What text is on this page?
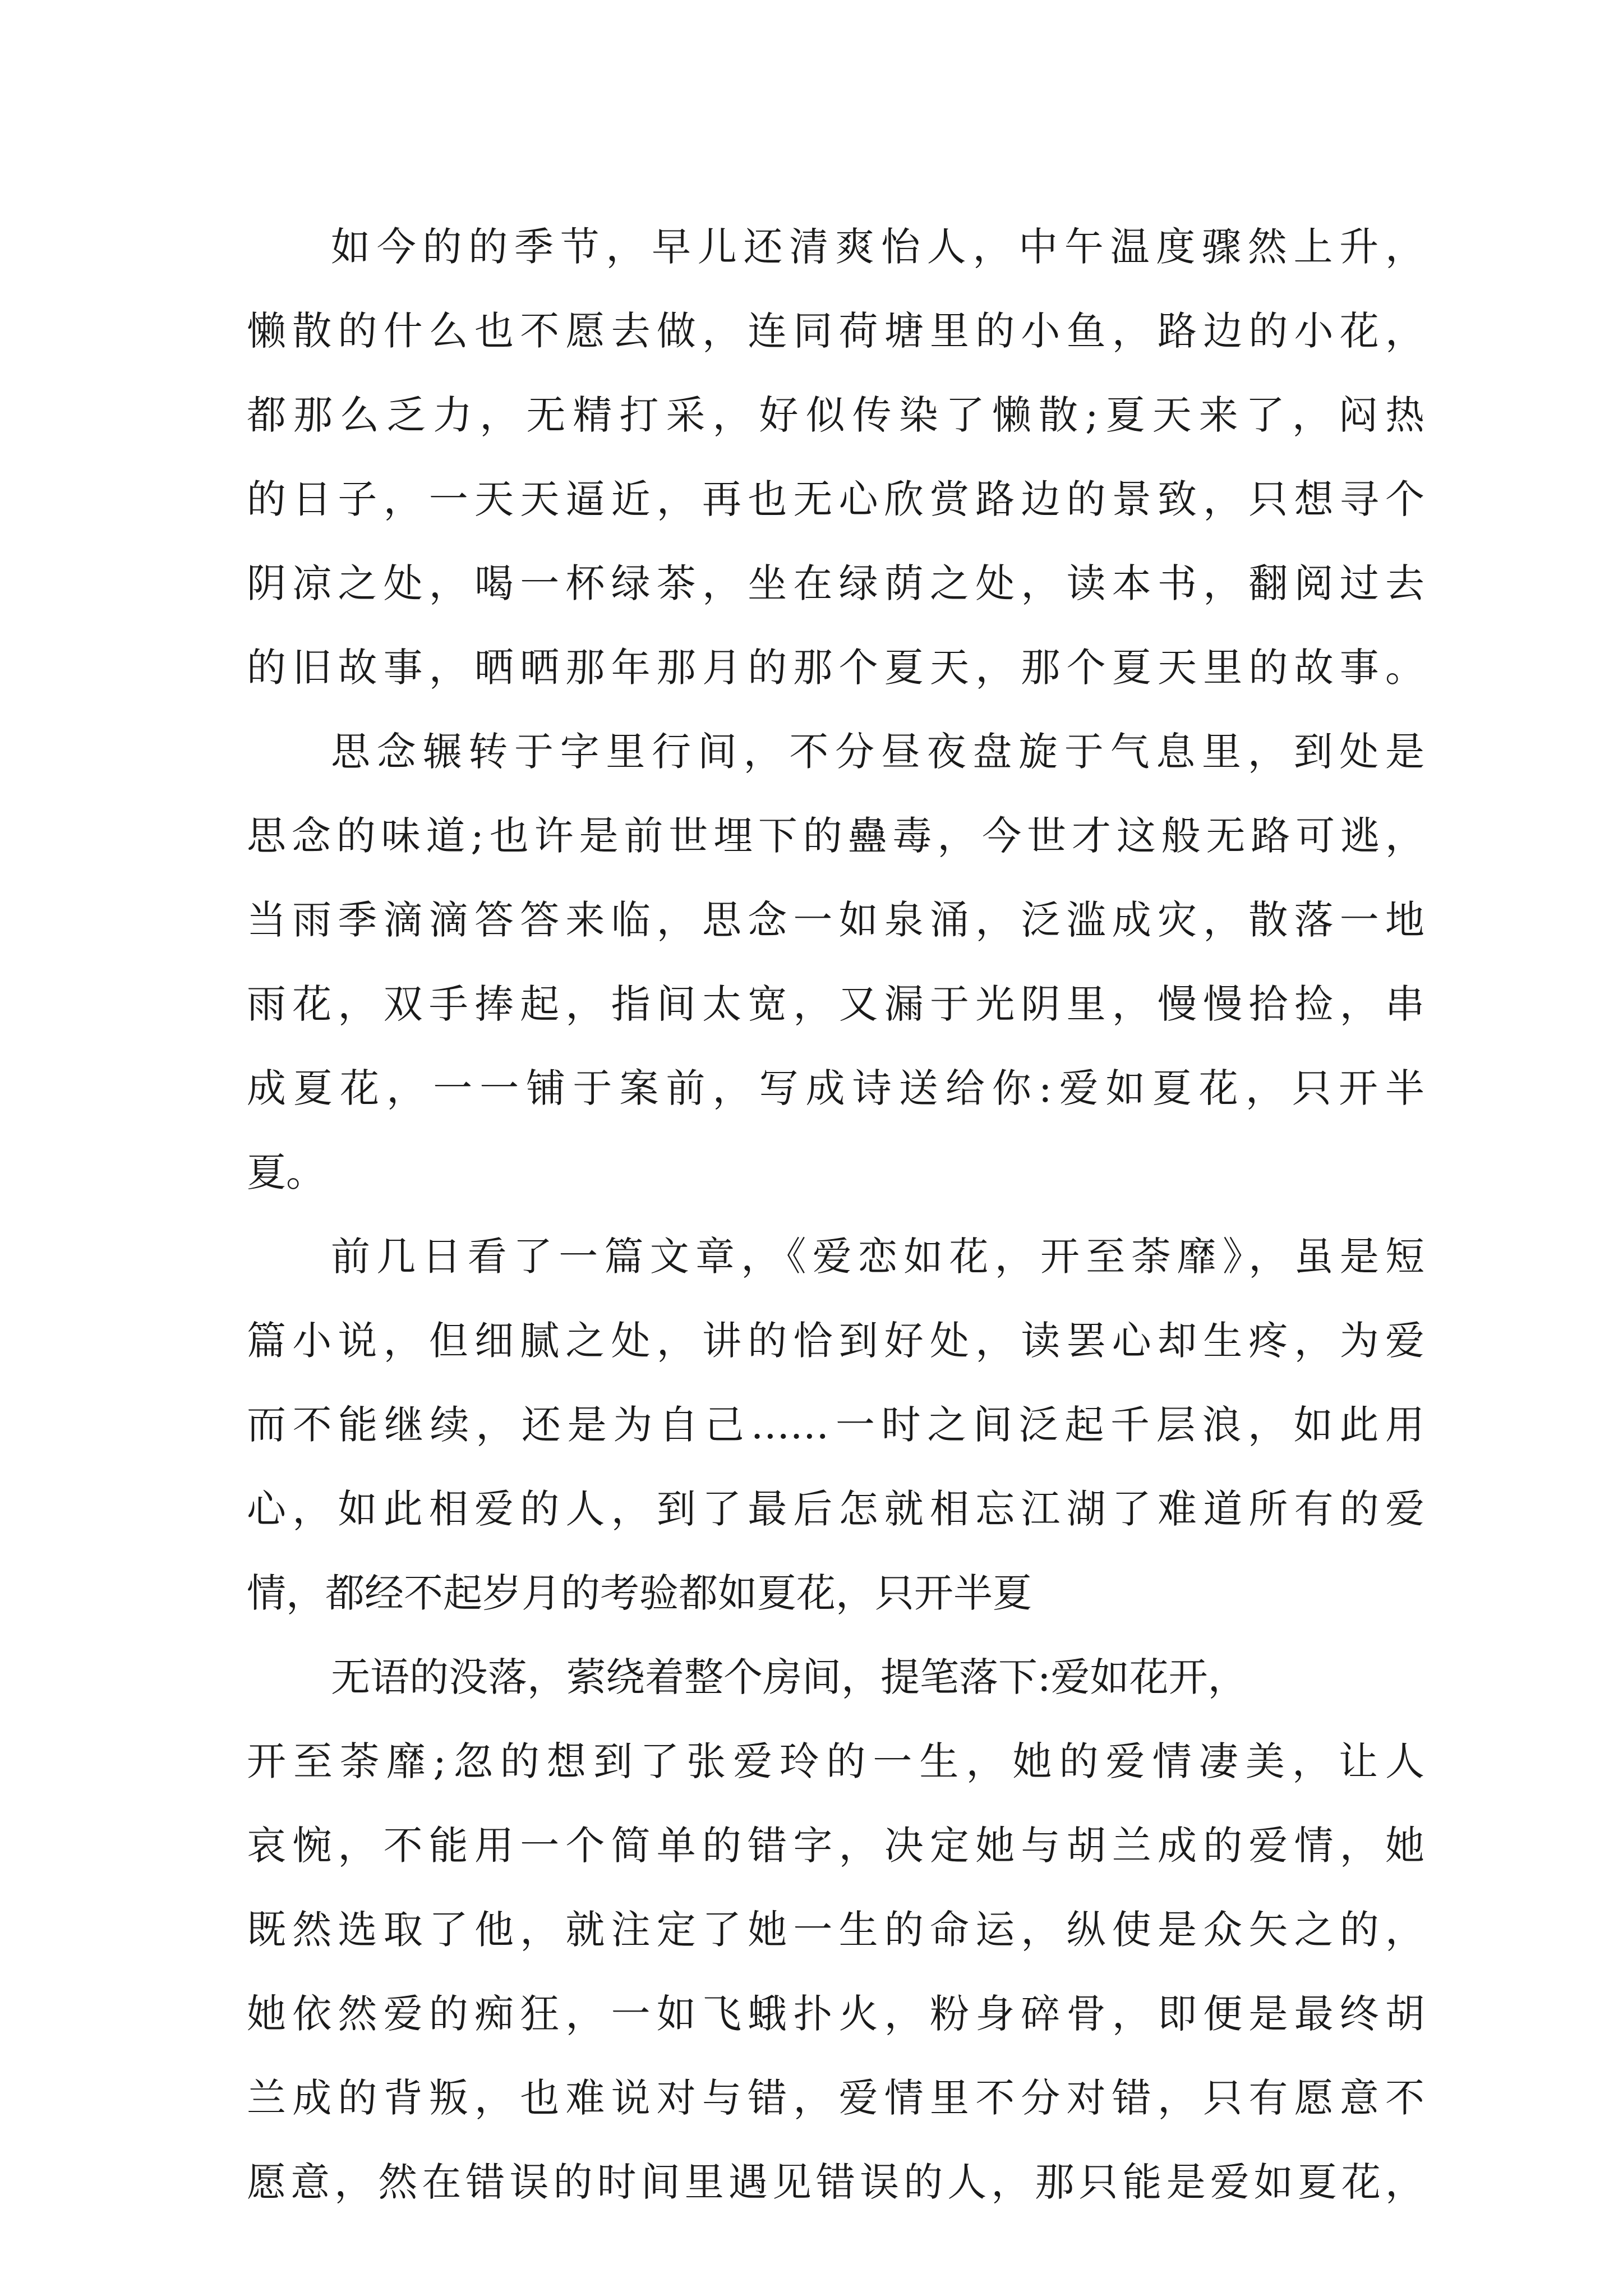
如今的的季节，早儿还清爽怡人，中午温度骤然上升，
懒散的什么也不愿去做，连同荷塘里的小鱼，路边的小花，
都那么乏力，无精打采，好似传染了懒散;夏天来了，闷热
的日子，一天天逼近，再也无心欣赏路边的景致，只想寻个
阴凉之处，喝一杯绿茶，坐在绿荫之处，读本书，翻阅过去
的旧故事，晒晒那年那月的那个夏天，那个夏天里的故事。
思念辗转于字里行间，不分昼夜盘旋于气息里，到处是
思念的味道;也许是前世埋下的蠱毒，今世才这般无路可逃，
当雨季滴滴答答来临，思念一如泉涌，泛滥成灾，散落一地
雨花，双手捧起，指间太宽，又漏于光阴里，慢慢拾捡，串
成夏花，一一铺于案前，写成诗送给你:爱如夏花，只开半
夏。
前几日看了一篇文章，《爱恋如花，开至荼靡》，虽是短
篇小说，但细腻之处，讲的恰到好处，读罢心却生疼，为爱
而不能继续，还是为自己……一时之间泛起千层浪，如此用
心，如此相爱的人，到了最后怎就相忘江湖了难道所有的爱
情，都经不起岁月的考验都如夏花，只开半夏
无语的没落，萦绕着整个房间，提笔落下:爱如花开，
开至荼靡;忽的想到了张爱玲的一生，她的爱情凄美，让人
哀惋，不能用一个简单的错字，决定她与胡兰成的爱情，她
既然选取了他，就注定了她一生的命运，纵使是众矢之的，
她依然爱的痴狂，一如飞蛾扑火，粉身碎骨，即便是最终胡
兰成的背叛，也难说对与错，爱情里不分对错，只有愿意不
愿意，然在错误的时间里遇见错误的人，那只能是爱如夏花，
